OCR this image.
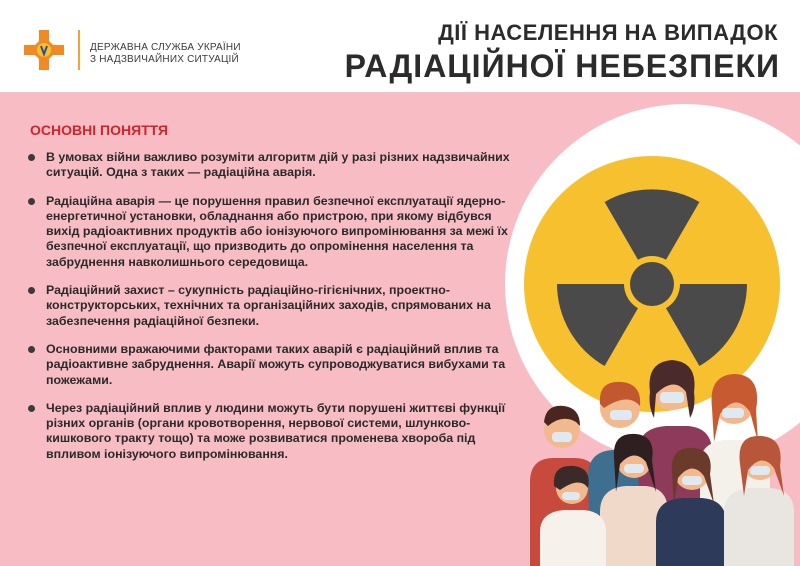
ДЕРЖАВНА СЛУЖБА УКРАЇНИ
З НАДЗВИЧАЙНИХ СИТУАЦІЙ
ДІЇ НАСЕЛЕННЯ НА ВИПАДОК
РАДІАЦІЙНОЇ НЕБЕЗПЕКИ
ОСНОВНІ ПОНЯТТЯ
В умовах війни важливо розуміти алгоритм дій у разі різних надзвичайних ситуацій. Одна з таких — радіаційна аварія.
Радіаційна аварія — це порушення правил безпечної експлуатації ядерно-енергетичної установки, обладнання або пристрою, при якому відбувся вихід радіоактивних продуктів або іонізуючого випромінювання за межі їх безпечної експлуатації, що призводить до опромінення населення та забруднення навколишнього середовища.
Радіаційний захист – сукупність радіаційно-гігієнічних, проектно-конструкторських, технічних та організаційних заходів, спрямованих на забезпечення радіаційної безпеки.
Основними вражаючими факторами таких аварій є радіаційний вплив та радіоактивне забруднення. Аварії можуть супроводжуватися вибухами та пожежами.
Через радіаційний вплив у людини можуть бути порушені життєві функції різних органів (органи кровотворення, нервової системи, шлунково-кишкового тракту тощо) та може розвиватися променева хвороба під впливом іонізуючого випромінювання.
